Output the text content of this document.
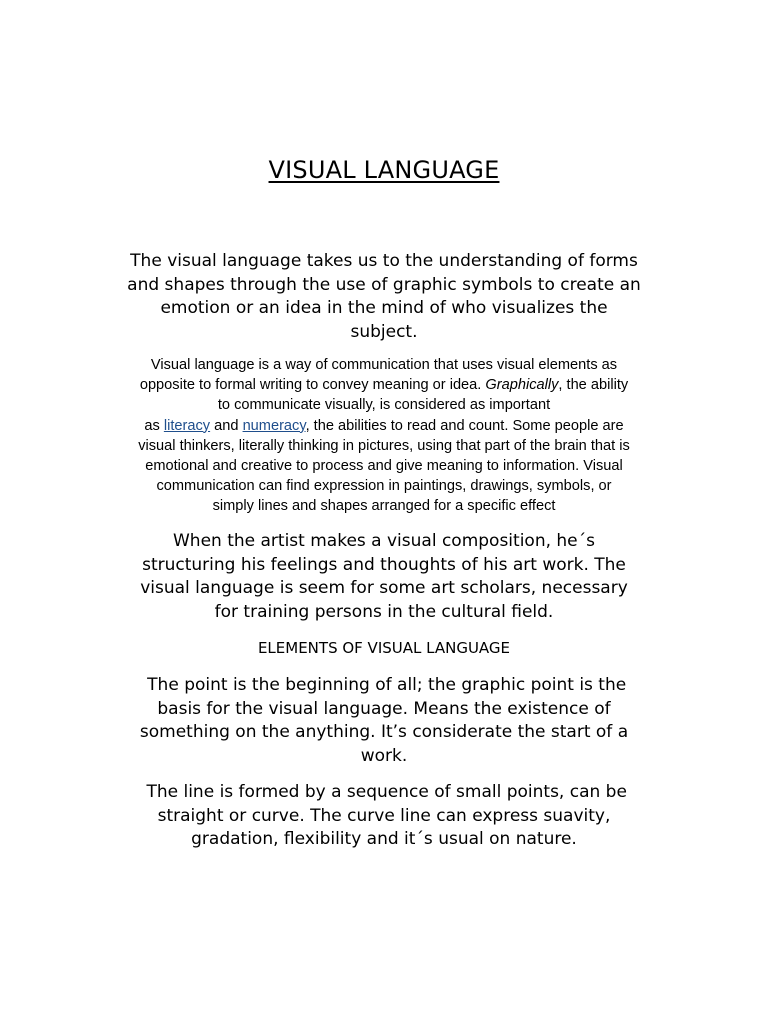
VISUAL LANGUAGE
The visual language takes us to the understanding of forms
and shapes through the use of graphic symbols to create an
emotion or an idea in the mind of who visualizes the
subject.
Visual language is a way of communication that uses visual elements as
opposite to formal writing to convey meaning or idea. Graphically, the ability
to communicate visually, is considered as important
as literacy and numeracy, the abilities to read and count. Some people are
visual thinkers, literally thinking in pictures, using that part of the brain that is
emotional and creative to process and give meaning to information. Visual
communication can find expression in paintings, drawings, symbols, or
simply lines and shapes arranged for a specific effect
When the artist makes a visual composition, he´s
structuring his feelings and thoughts of his art work. The
visual language is seem for some art scholars, necessary
for training persons in the cultural field.
ELEMENTS OF VISUAL LANGUAGE
The point is the beginning of all; the graphic point is the
basis for the visual language. Means the existence of
something on the anything. It’s considerate the start of a
work.
The line is formed by a sequence of small points, can be
straight or curve. The curve line can express suavity,
gradation, flexibility and it´s usual on nature.
